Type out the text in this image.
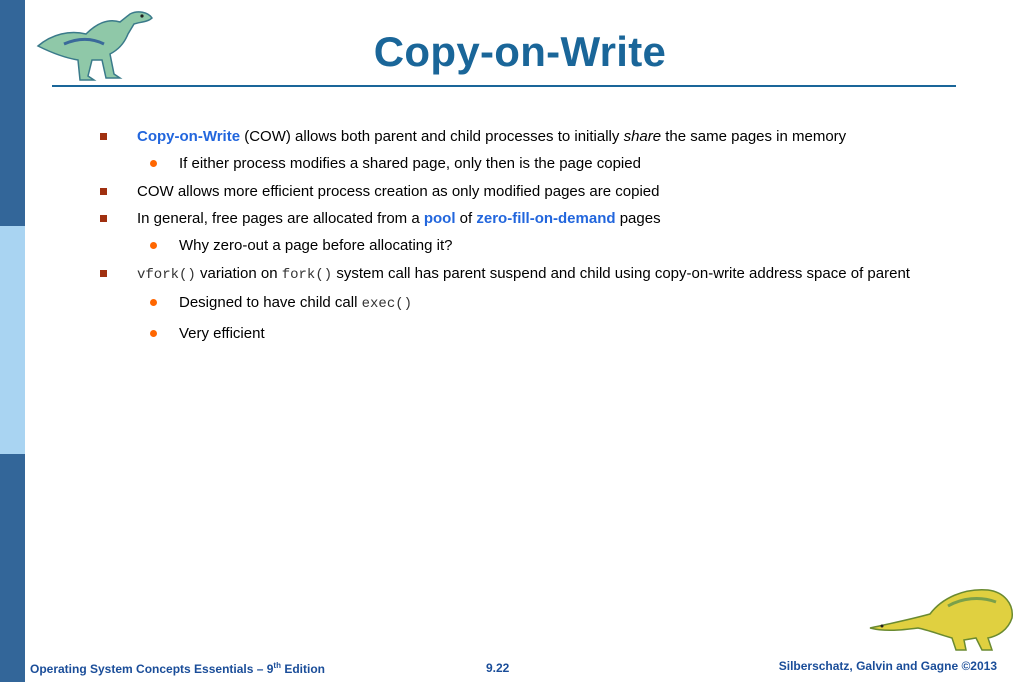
Copy-on-Write
Copy-on-Write (COW) allows both parent and child processes to initially share the same pages in memory
If either process modifies a shared page, only then is the page copied
COW allows more efficient process creation as only modified pages are copied
In general, free pages are allocated from a pool of zero-fill-on-demand pages
Why zero-out a page before allocating it?
vfork() variation on fork() system call has parent suspend and child using copy-on-write address space of parent
Designed to have child call exec()
Very efficient
Operating System Concepts Essentials – 9th Edition	9.22	Silberschatz, Galvin and Gagne ©2013
